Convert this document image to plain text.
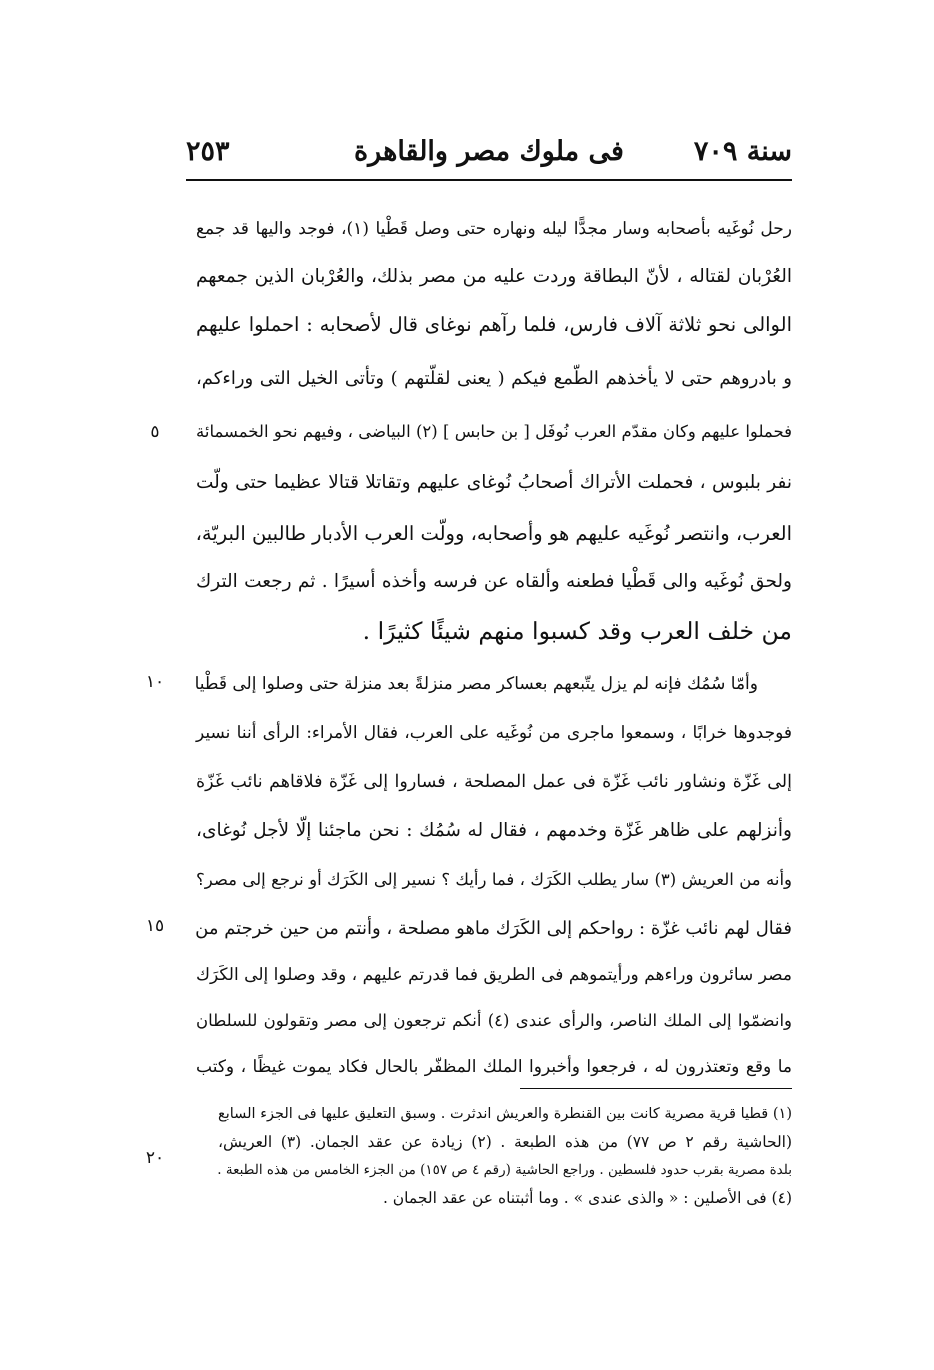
سنة ٧٠٩
فى ملوك مصر والقاهرة
٢٥٣
رحل نُوغَيه بأصحابه وسار مجدًّا ليله ونهاره حتى وصل قَطْيا (١)، فوجد واليها قد جمع
العُرْبان لقتاله ، لأنّ البطاقة وردت عليه من مصر بذلك، والعُرْبان الذين جمعهم
الوالى نحو ثلاثة آلاف فارس، فلما رآهم نوغاى قال لأصحابه : احملوا عليهم
و بادروهم حتى لا يأخذهم الطّمع فيكم ( يعنى لقلّتهم ) وتأتى الخيل التى وراءكم،
فحملوا عليهم وكان مقدّم العرب نُوفَل [ بن حابس ] (٢) البياضى ، وفيهم نحو الخمسمائة
نفر بلبوس ، فحملت الأتراك أصحابُ نُوغاى عليهم وتقاتلا قتالا عظيما حتى ولّت
العرب، وانتصر نُوغَيه عليهم هو وأصحابه، وولّت العرب الأدبار طالبين البريّة،
ولحق نُوغَيه والى قَطْيا فطعنه وألقاه عن فرسه وأخذه أسيرًا . ثم رجعت الترك
من خلف العرب وقد كسبوا منهم شيئًا كثيرًا .
وأمّا سُمُك فإنه لم يزل يتّبعهم بعساكر مصر منزلةً بعد منزلة حتى وصلوا إلى قَطْيا
فوجدوها خرابًا ، وسمعوا ماجرى من نُوغَيه على العرب، فقال الأمراء: الرأى أننا نسير
إلى غَزّة ونشاور نائب غَزّة فى عمل المصلحة ، فساروا إلى غَزّة فلاقاهم نائب غَزّة
وأنزلهم على ظاهر غَزّة وخدمهم ، فقال له سُمُك : نحن ماجئنا إلّا لأجل نُوغاى،
وأنه من العريش (٣) سار يطلب الكَرَك ، فما رأيك ؟ نسير إلى الكَرَك أو نرجع إلى مصر؟
فقال لهم نائب غزّة : رواحكم إلى الكَرَك ماهو مصلحة ، وأنتم من حين خرجتم من
مصر سائرون وراءهم ورأيتموهم فى الطريق فما قدرتم عليهم ، وقد وصلوا إلى الكَرَك
وانضمّوا إلى الملك الناصر، والرأى عندى (٤) أنكم ترجعون إلى مصر وتقولون للسلطان
ما وقع وتعتذرون له ، فرجعوا وأخبروا الملك المظفّر بالحال فكاد يموت غيظًا ، وكتب
٥
١٠
١٥
٢٠
(١) قطيا قرية مصرية كانت بين القنطرة والعريش اندثرت . وسبق التعليق عليها فى الجزء السابع
(الحاشية رقم ٢ ص ٧٧) من هذه الطبعة . (٢) زيادة عن عقد الجمان. (٣) العريش،
بلدة مصرية بقرب حدود فلسطين . وراجع الحاشية (رقم ٤ ص ١٥٧) من الجزء الخامس من هذه الطبعة .
(٤) فى الأصلين : « والذى عندى » . وما أثبتناه عن عقد الجمان .
